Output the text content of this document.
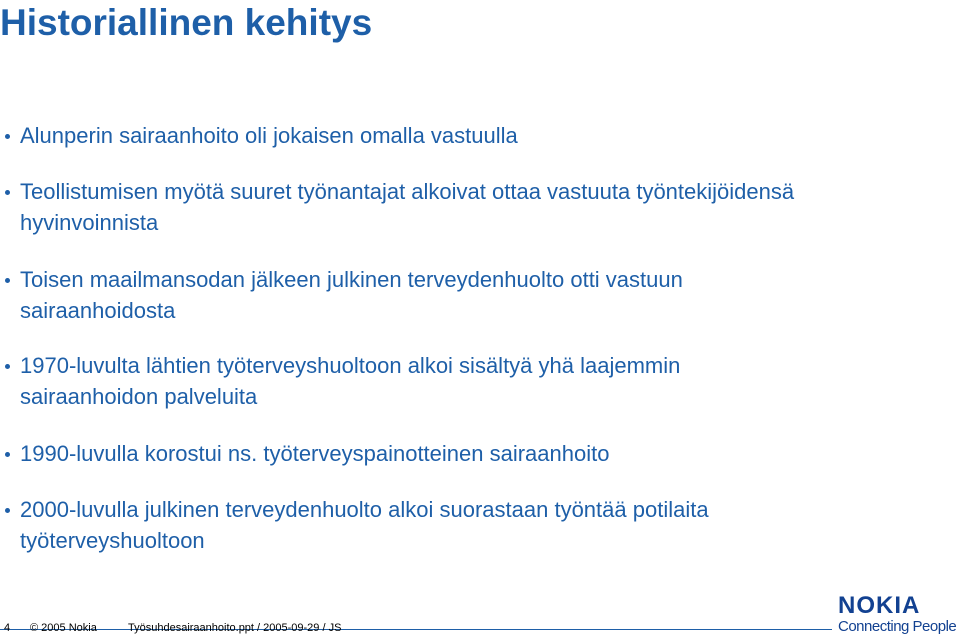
Historiallinen kehitys
Alunperin sairaanhoito oli jokaisen omalla vastuulla
Teollistumisen myötä suuret työnantajat alkoivat ottaa vastuuta työntekijöidensä
hyvinvoinnista
Toisen maailmansodan jälkeen julkinen terveydenhuolto otti vastuun
sairaanhoidosta
1970-luvulta lähtien työterveyshuoltoon alkoi sisältyä yhä laajemmin
sairaanhoidon palveluita
1990-luvulla korostui ns. työterveyspainotteinen sairaanhoito
2000-luvulla julkinen terveydenhuolto alkoi suorastaan työntää potilaita
työterveyshuoltoon
4 © 2005 Nokia	Työsuhdesairaanhoito.ppt / 2005-09-29 / JS
NOKIA
Connecting People
